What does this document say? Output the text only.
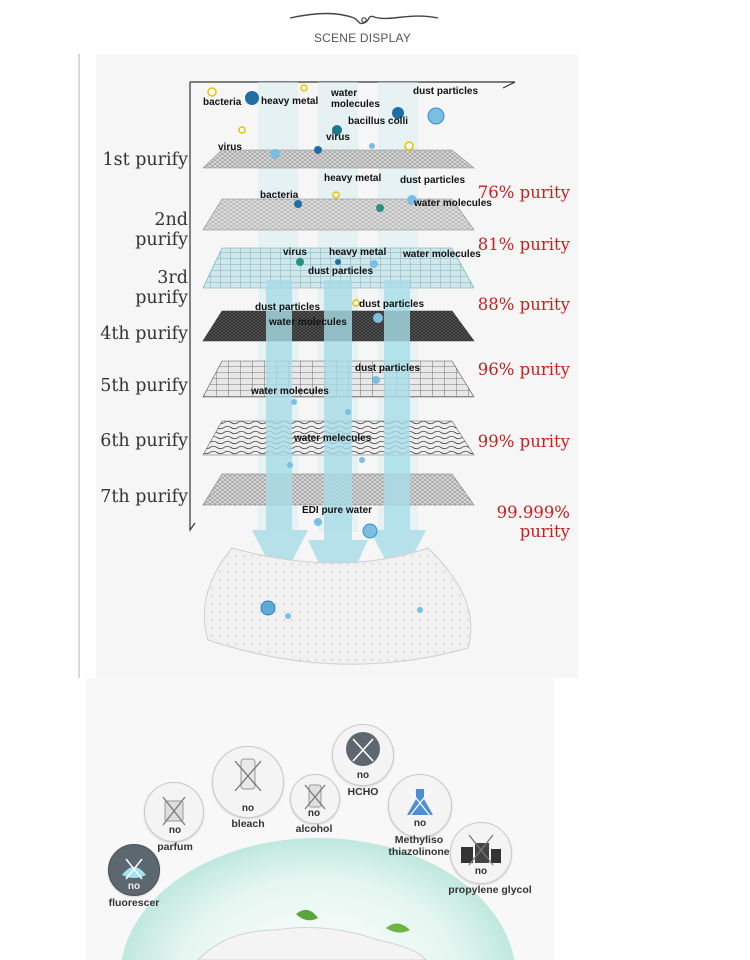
SCENE DISPLAY
1st purify
2nd purify
3rd purify
4th purify
5th purify
6th purify
7th purify
76% purity
81% purity
88% purity
96% purity
99% purity
99.999% purity
bacteria heavy metal
water
molecules
dust particles
bacillus colli
virus
virus
heavy metal dust particles
bacteria
water molecules
virus heavy metal water molecules
dust particles
dust particles	dust particles
water molecules
dust particles
water molecules
water melecules
EDI pure water
no
fluorescer
no
parfum
no
bleach
no
alcohol
no
HCHO
no
Methyliso
thiazolinone
no
propylene glycol
